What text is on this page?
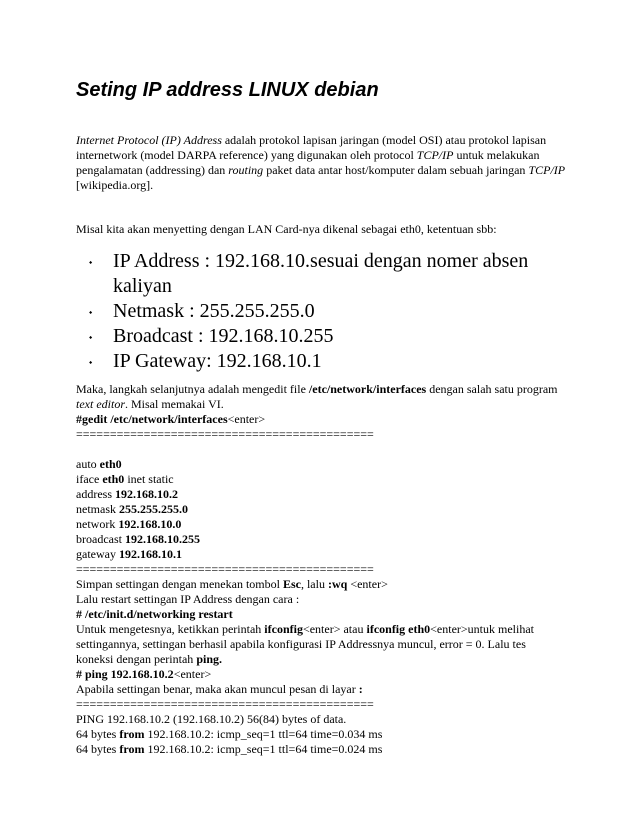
Seting IP address LINUX debian

Internet Protocol (IP) Address adalah protokol lapisan jaringan (model OSI) atau protokol lapisan internetwork (model DARPA reference) yang digunakan oleh protocol TCP/IP untuk melakukan pengalamatan (addressing) dan routing paket data antar host/komputer dalam sebuah jaringan TCP/IP [wikipedia.org].

Misal kita akan menyetting dengan LAN Card-nya dikenal sebagai eth0, ketentuan sbb:

⬩ IP Address : 192.168.10.sesuai dengan nomer absen kaliyan
⬩ Netmask : 255.255.255.0
⬩ Broadcast : 192.168.10.255
⬩ IP Gateway: 192.168.10.1
Maka, langkah selanjutnya adalah mengedit file /etc/network/interfaces dengan salah satu program text editor. Misal memakai VI.
#gedit /etc/network/interfaces<enter>
============================================
auto eth0
iface eth0 inet static
address 192.168.10.2
netmask 255.255.255.0
network 192.168.10.0
broadcast 192.168.10.255
gateway 192.168.10.1
============================================
Simpan settingan dengan menekan tombol Esc, lalu :wq <enter>
Lalu restart settingan IP Address dengan cara :
# /etc/init.d/networking restart
Untuk mengetesnya, ketikkan perintah ifconfig<enter> atau ifconfig eth0<enter>untuk melihat settingannya, settingan berhasil apabila konfigurasi IP Addressnya muncul, error = 0. Lalu tes koneksi dengan perintah ping.
# ping 192.168.10.2<enter>
Apabila settingan benar, maka akan muncul pesan di layar :
============================================
PING 192.168.10.2 (192.168.10.2) 56(84) bytes of data.
64 bytes from 192.168.10.2: icmp_seq=1 ttl=64 time=0.034 ms
64 bytes from 192.168.10.2: icmp_seq=1 ttl=64 time=0.024 ms
